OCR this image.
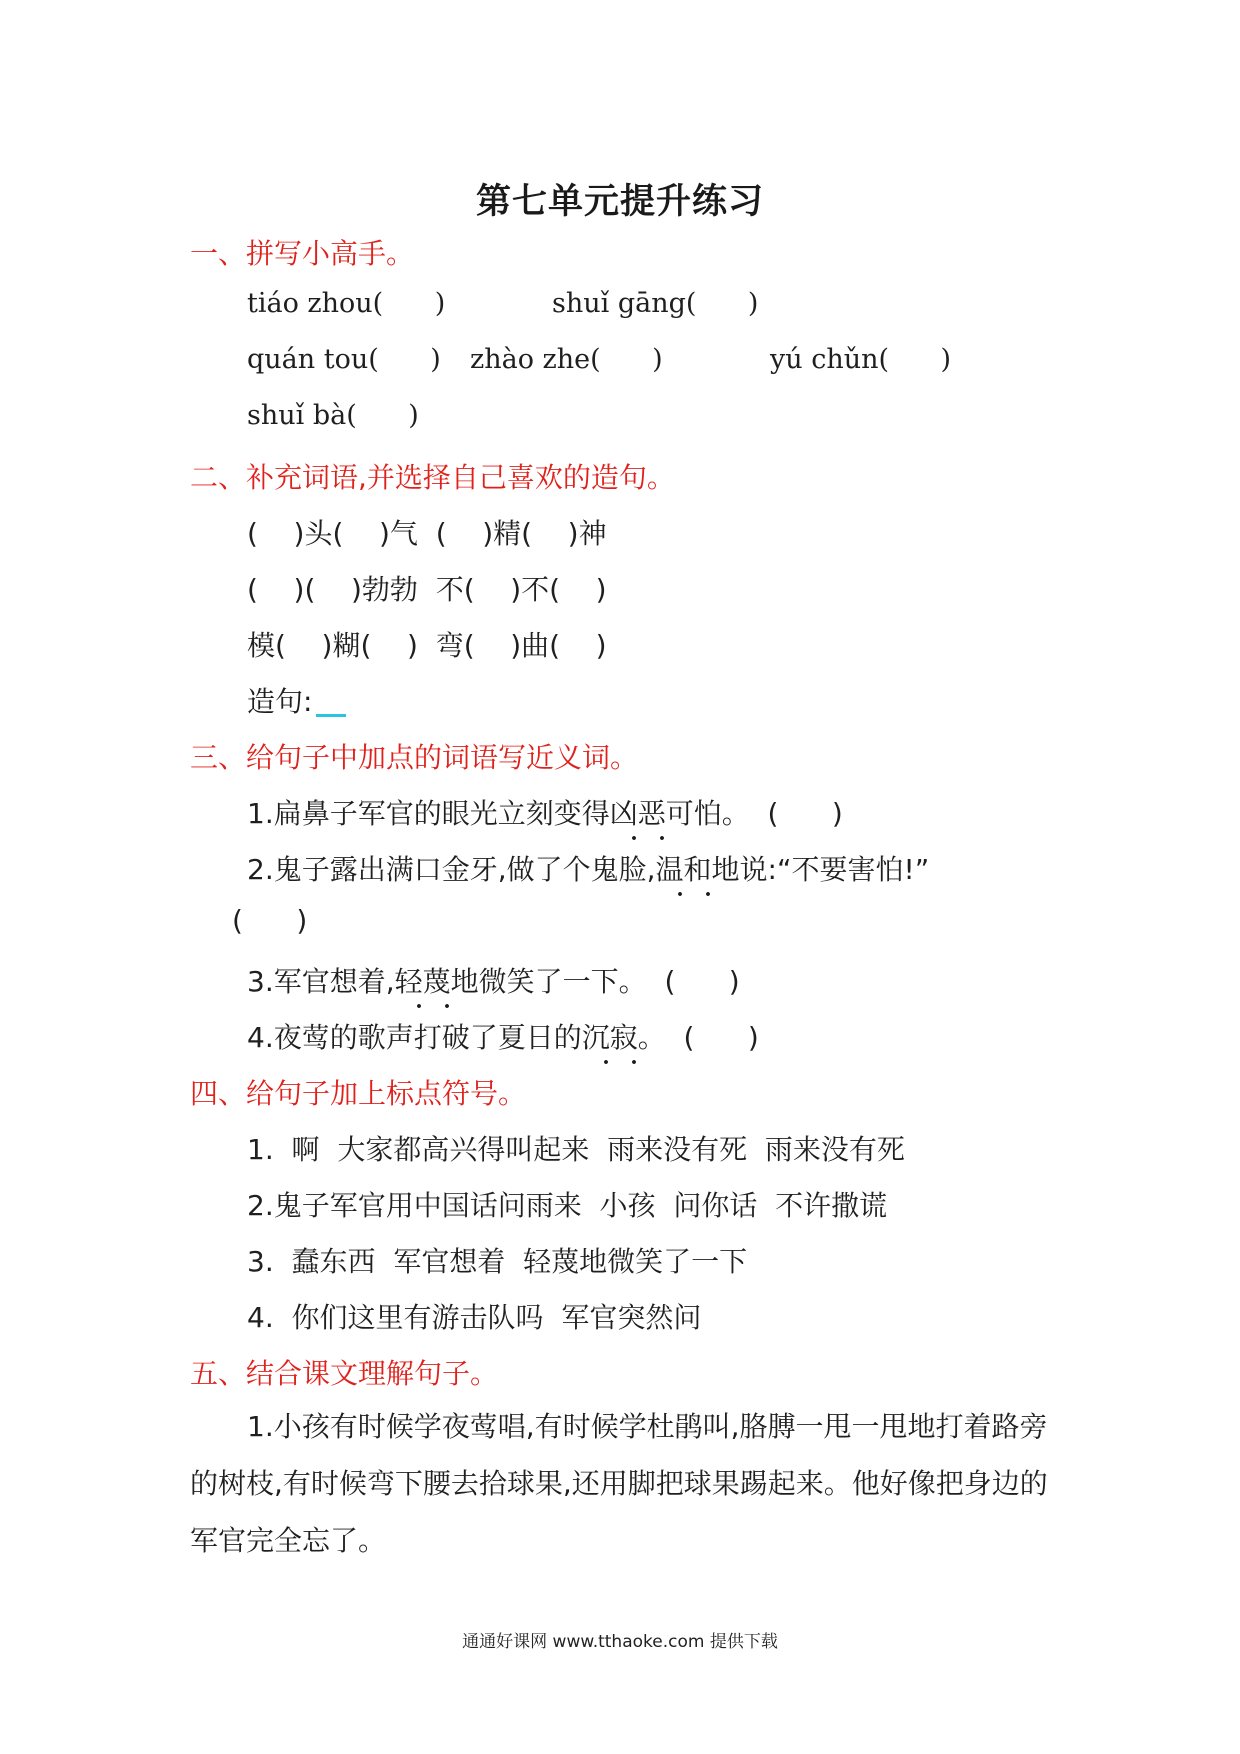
第七单元提升练习
一、拼写小高手。
tiáo zhou(      )	shuǐ gāng(      )
quán tou(      ) zhào zhe(      )	yú chǔn(      )
shuǐ bà(      )
二、补充词语,并选择自己喜欢的造句。
(    )头(    )气  (    )精(    )神
(    )(    )勃勃  不(    )不(    )
模(    )糊(    )  弯(    )曲(    )
造句:
三、给句子中加点的词语写近义词。
1.扁鼻子军官的眼光立刻变得凶恶可怕。  (      )
2.鬼子露出满口金牙,做了个鬼脸,温和地说:“不要害怕!”
(      )
3.军官想着,轻蔑地微笑了一下。  (      )
4.夜莺的歌声打破了夏日的沉寂。  (      )
四、给句子加上标点符号。
1.  啊  大家都高兴得叫起来  雨来没有死  雨来没有死
2.鬼子军官用中国话问雨来  小孩  问你话  不许撒谎
3.  蠢东西  军官想着  轻蔑地微笑了一下
4.  你们这里有游击队吗  军官突然问
五、结合课文理解句子。
1.小孩有时候学夜莺唱,有时候学杜鹃叫,胳膊一甩一甩地打着路旁的树枝,有时候弯下腰去拾球果,还用脚把球果踢起来。他好像把身边的军官完全忘了。
通通好课网 www.tthaoke.com 提供下载
